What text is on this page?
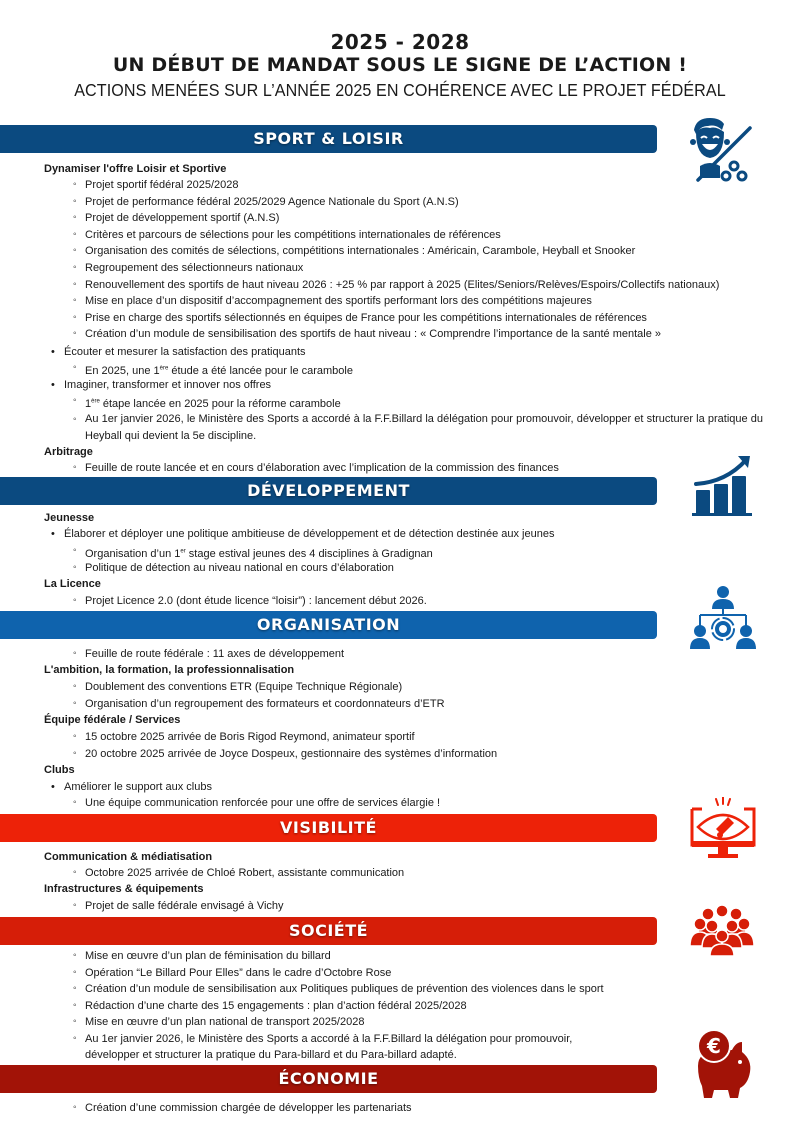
2025 - 2028
UN DÉBUT DE MANDAT SOUS LE SIGNE DE L’ACTION !
ACTIONS MENÉES SUR L’ANNÉE 2025 EN COHÉRENCE AVEC LE PROJET FÉDÉRAL
SPORT & LOISIR
Dynamiser l'offre Loisir et Sportive
◦ Projet sportif fédéral 2025/2028
◦ Projet de performance fédéral 2025/2029 Agence Nationale du Sport (A.N.S)
◦ Projet de développement sportif (A.N.S)
◦ Critères et parcours de sélections pour les compétitions internationales de références
◦ Organisation des comités de sélections, compétitions internationales : Américain, Carambole, Heyball et Snooker
◦ Regroupement des sélectionneurs nationaux
◦ Renouvellement des sportifs de haut niveau 2026 : +25 % par rapport à 2025 (Elites/Seniors/Relèves/Espoirs/Collectifs nationaux)
◦ Mise en place d’un dispositif d’accompagnement des sportifs performant lors des compétitions majeures
◦ Prise en charge des sportifs sélectionnés en équipes de France pour les compétitions internationales de références
◦ Création d’un module de sensibilisation des sportifs de haut niveau : « Comprendre l’importance de la santé mentale »
• Écouter et mesurer la satisfaction des pratiquants
◦ En 2025, une 1ère étude a été lancée pour le carambole
• Imaginer, transformer et innover nos offres
◦ 1ère étape lancée en 2025 pour la réforme carambole
◦ Au 1er janvier 2026, le Ministère des Sports a accordé à la F.F.Billard la délégation pour promouvoir, développer et structurer la pratique du Heyball qui devient la 5e discipline.
Arbitrage
◦ Feuille de route lancée et en cours d’élaboration avec l’implication de la commission des finances
DÉVELOPPEMENT
Jeunesse
• Élaborer et déployer une politique ambitieuse de développement et de détection destinée aux jeunes
◦ Organisation d’un 1er stage estival jeunes des 4 disciplines à Gradignan
◦ Politique de détection au niveau national en cours d’élaboration
La Licence
◦ Projet Licence 2.0 (dont étude licence “loisir”) : lancement début 2026.
ORGANISATION
◦ Feuille de route fédérale : 11 axes de développement
L'ambition, la formation, la professionnalisation
◦ Doublement des conventions ETR (Equipe Technique Régionale)
◦ Organisation d’un regroupement des formateurs et coordonnateurs d’ETR
Équipe fédérale / Services
◦ 15 octobre 2025 arrivée de Boris Rigod Reymond, animateur sportif
◦ 20 octobre 2025 arrivée de Joyce Dospeux, gestionnaire des systèmes d’information
Clubs
• Améliorer le support aux clubs
◦ Une équipe communication renforcée pour une offre de services élargie !
VISIBILITÉ
Communication & médiatisation
◦ Octobre 2025 arrivée de Chloé Robert, assistante communication
Infrastructures & équipements
◦ Projet de salle fédérale envisagé à Vichy
SOCIÉTÉ
◦ Mise en œuvre d’un plan de féminisation du billard
◦ Opération “Le Billard Pour Elles” dans le cadre d’Octobre Rose
◦ Création d’un module de sensibilisation aux Politiques publiques de prévention des violences dans le sport
◦ Rédaction d’une charte des 15 engagements : plan d’action fédéral 2025/2028
◦ Mise en œuvre d’un plan national de transport 2025/2028
◦ Au 1er janvier 2026, le Ministère des Sports a accordé à la F.F.Billard la délégation pour promouvoir,
développer et structurer la pratique du Para-billard et du Para-billard adapté.
ÉCONOMIE
€
◦ Création d’une commission chargée de développer les partenariats
